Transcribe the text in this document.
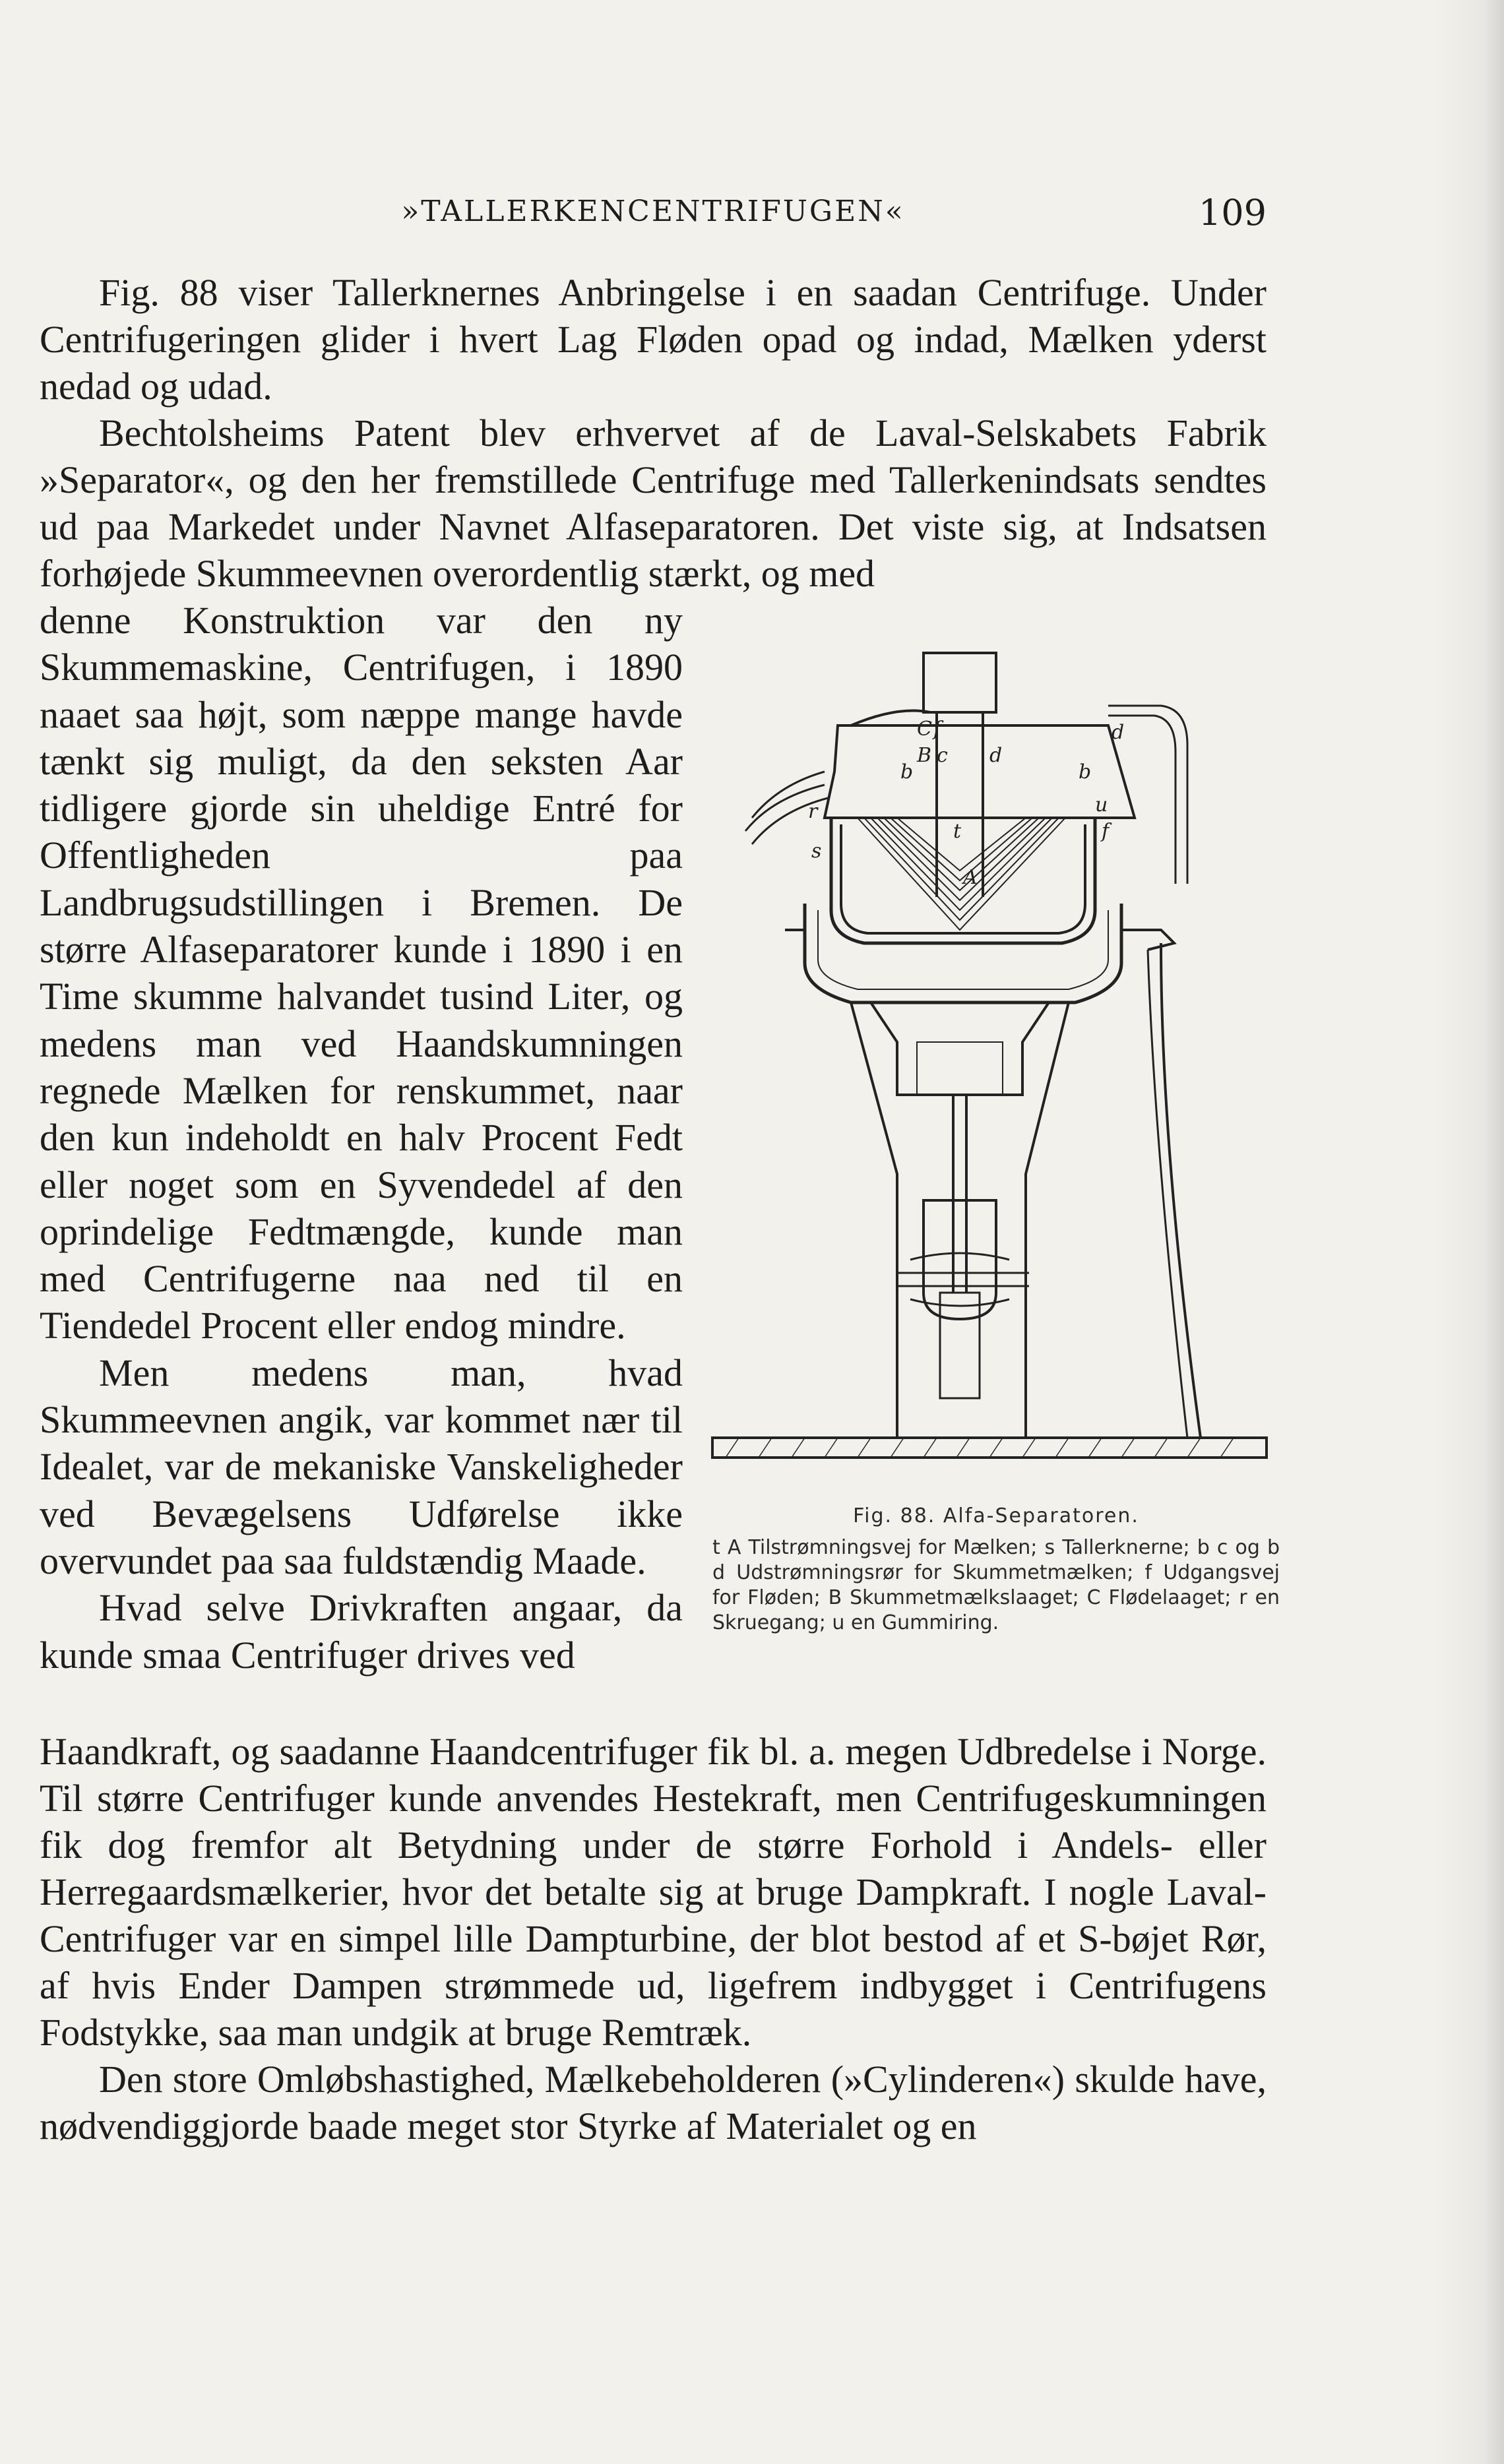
»TALLERKENCENTRIFUGEN«	109

Fig. 88 viser Tallerknernes Anbringelse i en saadan Centrifuge. Under Centrifugeringen glider i hvert Lag Fløden opad og indad, Mælken yderst nedad og udad.

Bechtolsheims Patent blev erhvervet af de Laval-Selskabets Fabrik »Separator«, og den her fremstillede Centrifuge med Tallerkenindsats sendtes ud paa Markedet under Navnet Alfaseparatoren. Det viste sig, at Indsatsen forhøjede Skummeevnen overordentlig stærkt, og med

denne Konstruktion var den ny Skummemaskine, Centrifugen, i 1890 naaet saa højt, som næppe mange havde tænkt sig muligt, da den seksten Aar tidligere gjorde sin uheldige Entré for Offentligheden paa Landbrugsudstillingen i Bremen. De større Alfaseparatorer kunde i 1890 i en Time skumme halvandet tusind Liter, og medens man ved Haandskumningen regnede Mælken for renskummet, naar den kun indeholdt en halv Procent Fedt eller noget som en Syvendedel af den oprindelige Fedtmængde, kunde man med Centrifugerne naa ned til en Tiendedel Procent eller endog mindre.

Men medens man, hvad Skummeevnen angik, var kommet nær til Idealet, var de mekaniske Vanskeligheder ved Bevægelsens Udførelse ikke overvundet paa saa fuldstændig Maade.

Hvad selve Drivkraften angaar, da kunde smaa Centrifuger drives ved

C f
B c
b
d
b
d
t
A
s
f
r	u
Fig. 88. Alfa-Separatoren.
t A Tilstrømningsvej for Mælken; s Tallerknerne; b c og b d Udstrømningsrør for Skummetmælken; f Udgangsvej for Fløden; B Skummetmælkslaaget; C Flødelaaget; r en Skruegang; u en Gummiring.

Haandkraft, og saadanne Haandcentrifuger fik bl. a. megen Udbredelse i Norge. Til større Centrifuger kunde anvendes Hestekraft, men Centrifugeskumningen fik dog fremfor alt Betydning under de større Forhold i Andels- eller Herregaardsmælkerier, hvor det betalte sig at bruge Dampkraft. I nogle Laval-Centrifuger var en simpel lille Dampturbine, der blot bestod af et S-bøjet Rør, af hvis Ender Dampen strømmede ud, ligefrem indbygget i Centrifugens Fodstykke, saa man undgik at bruge Remtræk.

Den store Omløbshastighed, Mælkebeholderen (»Cylinderen«) skulde have, nødvendiggjorde baade meget stor Styrke af Materialet og en
